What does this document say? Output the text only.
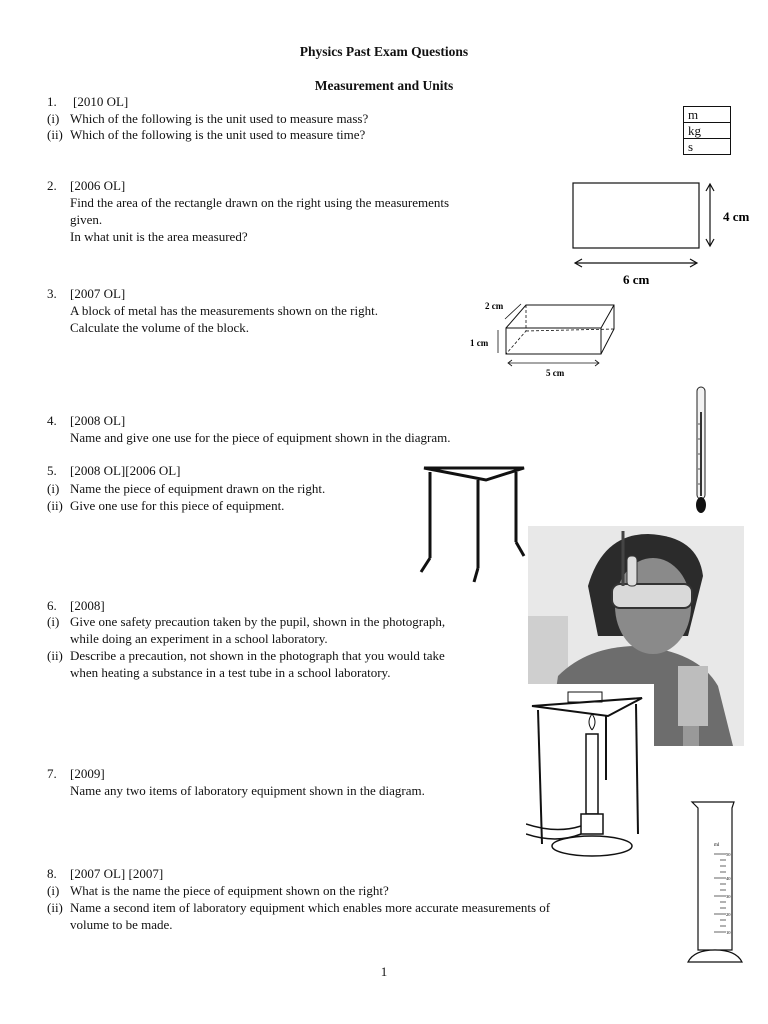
Physics Past Exam Questions
Measurement and Units
1. [2010 OL]
(i) Which of the following is the unit used to measure mass?
(ii) Which of the following is the unit used to measure time?
m
kg
s
2. [2006 OL]
Find the area of the rectangle drawn on the right using the measurements
given.
In what unit is the area measured?
4 cm
6 cm
3. [2007 OL]
A block of metal has the measurements shown on the right.
Calculate the volume of the block.
2 cm
1 cm
5 cm
4. [2008 OL]
Name and give one use for the piece of equipment shown in the diagram.
5. [2008 OL][2006 OL]
(i) Name the piece of equipment drawn on the right.
(ii) Give one use for this piece of equipment.
6. [2008]
(i) Give one safety precaution taken by the pupil, shown in the photograph,
while doing an experiment in a school laboratory.
(ii) Describe a precaution, not shown in the photograph that you would take
when heating a substance in a test tube in a school laboratory.
7. [2009]
Name any two items of laboratory equipment shown in the diagram.
ml
50
40
30
20
10
8. [2007 OL] [2007]
(i) What is the name the piece of equipment shown on the right?
(ii) Name a second item of laboratory equipment which enables more accurate measurements of
volume to be made.
1
